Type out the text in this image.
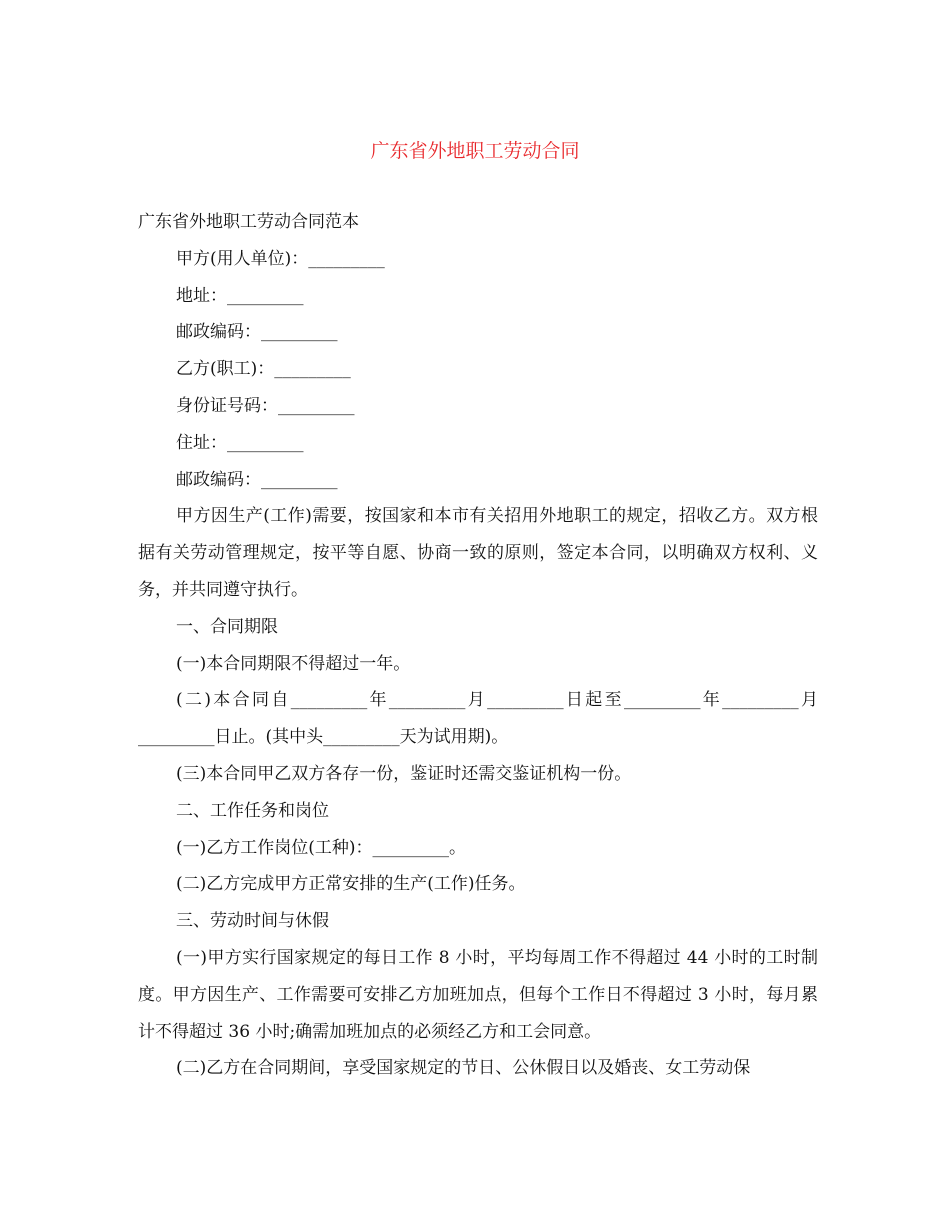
广东省外地职工劳动合同

广东省外地职工劳动合同范本

甲方(用人单位)：_________

地址：_________

邮政编码：_________

乙方(职工)：_________

身份证号码：_________

住址：_________

邮政编码：_________

甲方因生产(工作)需要，按国家和本市有关招用外地职工的规定，招收乙方。双方根据有关劳动管理规定，按平等自愿、协商一致的原则，签定本合同，以明确双方权利、义务，并共同遵守执行。

一、合同期限

(一)本合同期限不得超过一年。

(二)本合同自_________年_________月_________日起至_________年_________月_________日止。(其中头_________天为试用期)。

(三)本合同甲乙双方各存一份，鉴证时还需交鉴证机构一份。

二、工作任务和岗位

(一)乙方工作岗位(工种)：_________。

(二)乙方完成甲方正常安排的生产(工作)任务。

三、劳动时间与休假

(一)甲方实行国家规定的每日工作 8 小时，平均每周工作不得超过 44 小时的工时制度。甲方因生产、工作需要可安排乙方加班加点，但每个工作日不得超过 3 小时，每月累计不得超过 36 小时;确需加班加点的必须经乙方和工会同意。

(二)乙方在合同期间，享受国家规定的节日、公休假日以及婚丧、女工劳动保
